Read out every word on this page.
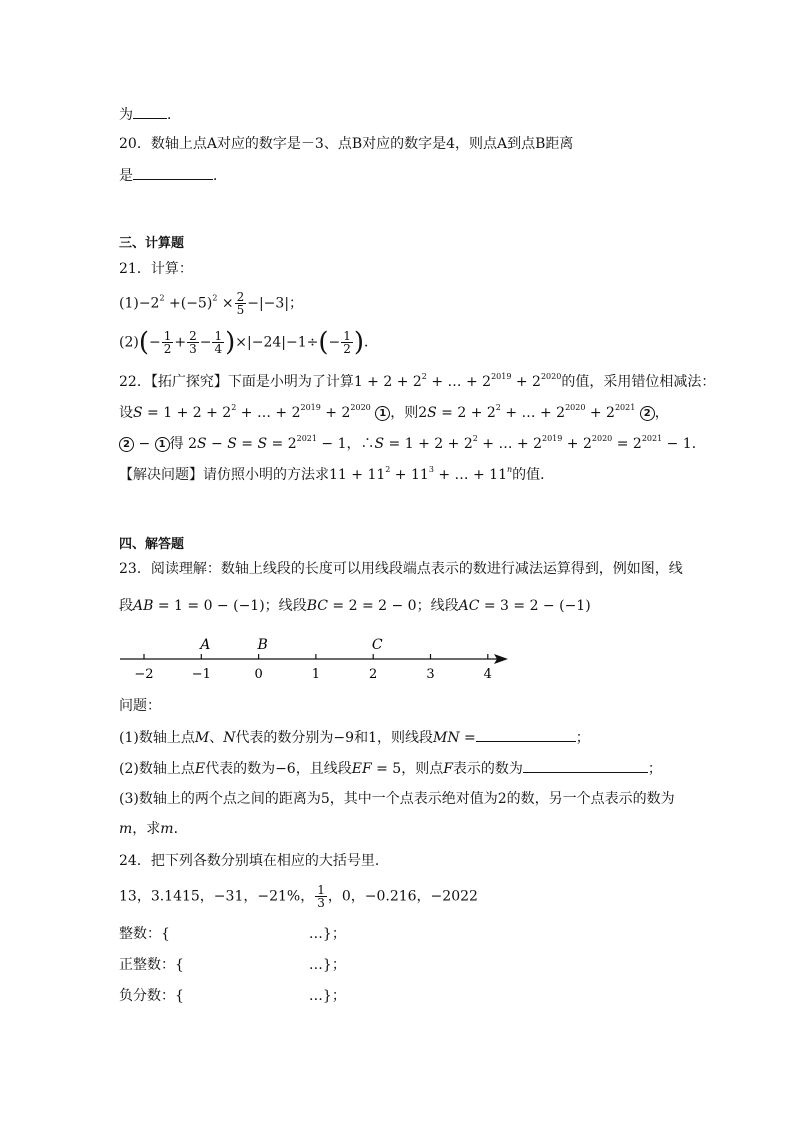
为 ．
20．数轴上点A对应的数字是－3、点B对应的数字是4，则点A到点B距离
是	．
三、计算题
21．计算：
$(1)-2^2 +(-5)^2 \times \frac{2}{5} -|-3|$；
$(2)(- \frac{1}{2} + \frac{2}{3} - \frac{1}{4} )\times|-24|-1\div(- \frac{1}{2}$ )．
22．【拓广探究】下面是小明为了计算$1 + 2 + 2^2$ + … + $2^{2019} + 2^{2020}$的值，采用错位相减法：
设$S = 1 + 2 + 2^2$ + … + $2^{2019} + 2^{2020}$ 1 ，则$2S = 2 + 2^2$ + … + $2^{2020} + 2^{2021}$ 2 ，
2 − 1 得 $2S - S = S = 2^{2021} - 1$，∴S = $1 + 2 + 2^2$ + … + $2^{2019} + 2^{2020} = 2^{2021} - 1$．
【解决问题】请仿照小明的方法求$11 + 11^2 + 11^3$ + … + $11^n$的值．
四、解答题
23．阅读理解：数轴上线段的长度可以用线段端点表示的数进行减法运算得到，例如图，线
段AB = 1 = 0 − (−1)；线段BC = 2 = 2 − 0；线段AC = 3 = 2 − (−1)
−2	−1	0	1	2	3	4
A	B	C
问题：
(1)数轴上点M、N代表的数分别为−9和1，则线段MN =	；
(2)数轴上点E代表的数为−6，且线段EF = 5，则点F表示的数为	；
(3)数轴上的两个点之间的距离为5，其中一个点表示绝对值为2的数，另一个点表示的数为
m，求m．
24．把下列各数分别填在相应的大括号里．
13，3.1415，−31，−21%， $\frac{1}{3}$ ，0，−0.216，−2022
整数：{	…}；
正整数：{	…}；
负分数：{	…}；
